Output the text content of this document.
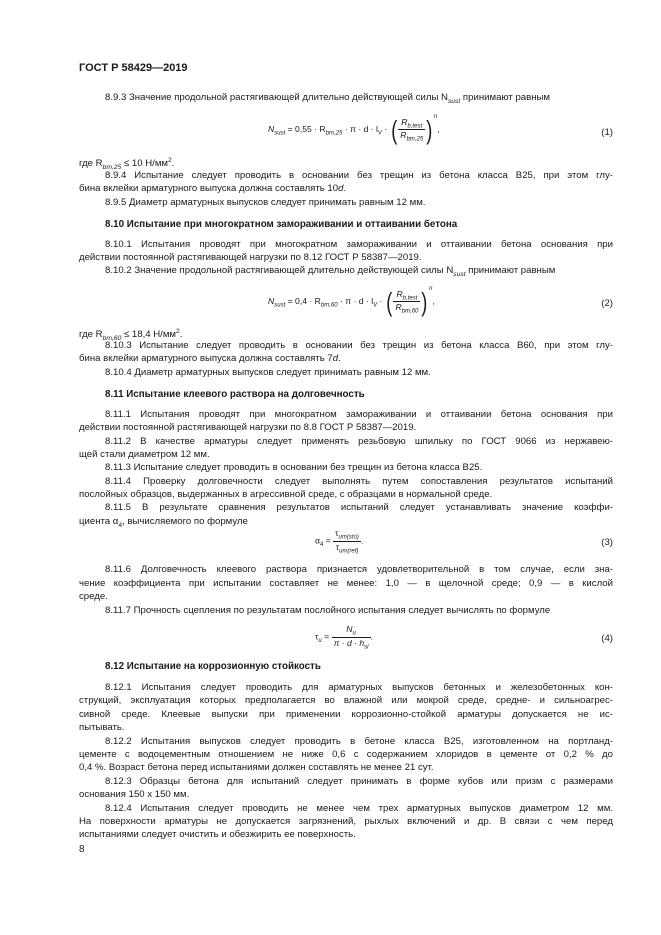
ГОСТ Р 58429—2019

8.9.3 Значение продольной растягивающей длительно действующей силы $N_{sust}$ принимают равным

$N_{sust} = 0,55 \cdot R_{bm,25} \cdot \pi \cdot d \cdot l_V$ · ( $\frac{R_{b,test}}{R_{bm,25}} )^n$,	(1)

где $R_{bm,25} \le 10$ $Н/мм^2$.

8.9.4 Испытание следует проводить в основании без трещин из бетона класса В25, при этом глу-

бина вклейки арматурного выпуска должна составлять 10d.

8.9.5 Диаметр арматурных выпусков следует принимать равным 12 мм.

8.10 Испытание при многократном замораживании и оттаивании бетона

8.10.1 Испытания проводят при многократном замораживании и оттаивании бетона основания при

действии постоянной растягивающей нагрузки по 8.12 ГОСТ Р 58387—2019.

8.10.2 Значение продольной растягивающей длительно действующей силы $N_{sust}$ принимают равным

$N_{sust} = 0,4 \cdot R_{bm,60} \cdot \pi \cdot d \cdot l_V$ · ( $\frac{R_{b,test}}{R_{bm,60}} )^n$,	(2)

где $R_{bm,60} \le 18,4$ $Н/мм^2$.

8.10.3 Испытание следует проводить в основании без трещин из бетона класса В60, при этом глу-

бина вклейки арматурного выпуска должна составлять 7d.

8.10.4 Диаметр арматурных выпусков следует принимать равным 12 мм.

8.11 Испытание клеевого раствора на долговечность

8.11.1 Испытания проводят при многократном замораживании и оттаивании бетона основания при

действии постоянной растягивающей нагрузки по 8.8 ГОСТ Р 58387—2019.

8.11.2 В качестве арматуры следует применять резьбовую шпильку по ГОСТ 9066 из нержавею-

щей стали диаметром 12 мм.

8.11.3 Испытание следует проводить в основании без трещин из бетона класса В25.

8.11.4 Проверку долговечности следует выполнять путем сопоставления результатов испытаний

послойных образцов, выдержанных в агрессивной среде, с образцами в нормальной среде.

8.11.5 В результате сравнения результатов испытаний следует устанавливать значение коэффи-

циента $\alpha_4$, вычисляемого по формуле

$\alpha_4 = \frac{\tau_{um(sto)}}{\tau_{um(ref)}}$ .	(3)

8.11.6 Долговечность клеевого раствора признается удовлетворительной в том случае, если зна-

чение коэффициента при испытании составляет не менее: 1,0 — в щелочной среде; 0,9 — в кислой

среде.

8.11.7 Прочность сцепления по результатам послойного испытания следует вычислять по формуле

$\tau_u = \frac{N_u}{\pi \cdot d \cdot h_{sl}}$ .	(4)

8.12 Испытание на коррозионную стойкость

8.12.1 Испытания следует проводить для арматурных выпусков бетонных и железобетонных кон-

струкций, эксплуатация которых предполагается во влажной или мокрой среде, средне- и сильноагрес-

сивной среде. Клеевые выпуски при применении коррозионно-стойкой арматуры допускается не ис-

пытывать.

8.12.2 Испытания выпусков следует проводить в бетоне класса В25, изготовленном на портланд-

цементе с водоцементным отношением не ниже 0,6 с содержанием хлоридов в цементе от 0,2 % до

0,4 %. Возраст бетона перед испытаниями должен составлять не менее 21 сут.

8.12.3 Образцы бетона для испытаний следует принимать в форме кубов или призм с размерами

основания 150 х 150 мм.

8.12.4 Испытания следует проводить не менее чем трех арматурных выпусков диаметром 12 мм.

На поверхности арматуры не допускается загрязнений, рыхлых включений и др. В связи с чем перед

испытаниями следует очистить и обезжирить ее поверхность.

8
